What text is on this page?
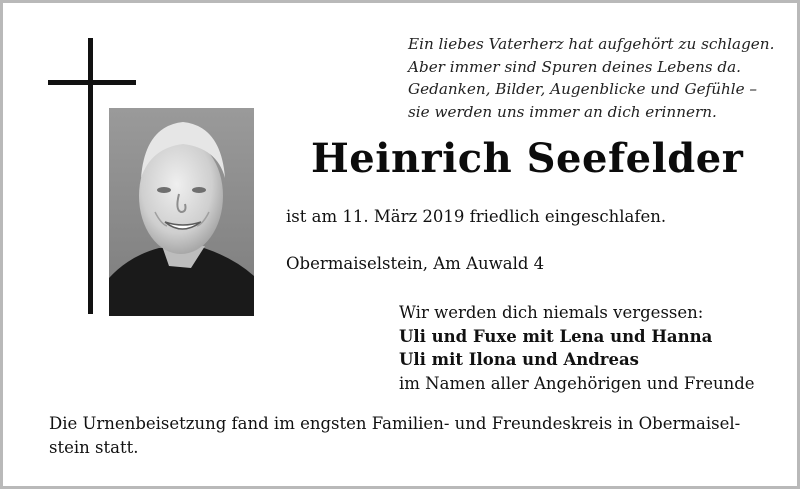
Ein liebes Vaterherz hat aufgehört zu schlagen.
Aber immer sind Spuren deines Lebens da.
Gedanken, Bilder, Augenblicke und Gefühle –
sie werden uns immer an dich erinnern.
Heinrich Seefelder
ist am 11. März 2019 friedlich eingeschlafen.
Obermaiselstein, Am Auwald 4
Wir werden dich niemals vergessen:
Uli und Fuxe mit Lena und Hanna
Uli mit Ilona und Andreas
im Namen aller Angehörigen und Freunde
Die Urnenbeisetzung fand im engsten Familien- und Freundeskreis in Obermaisel-
stein statt.
